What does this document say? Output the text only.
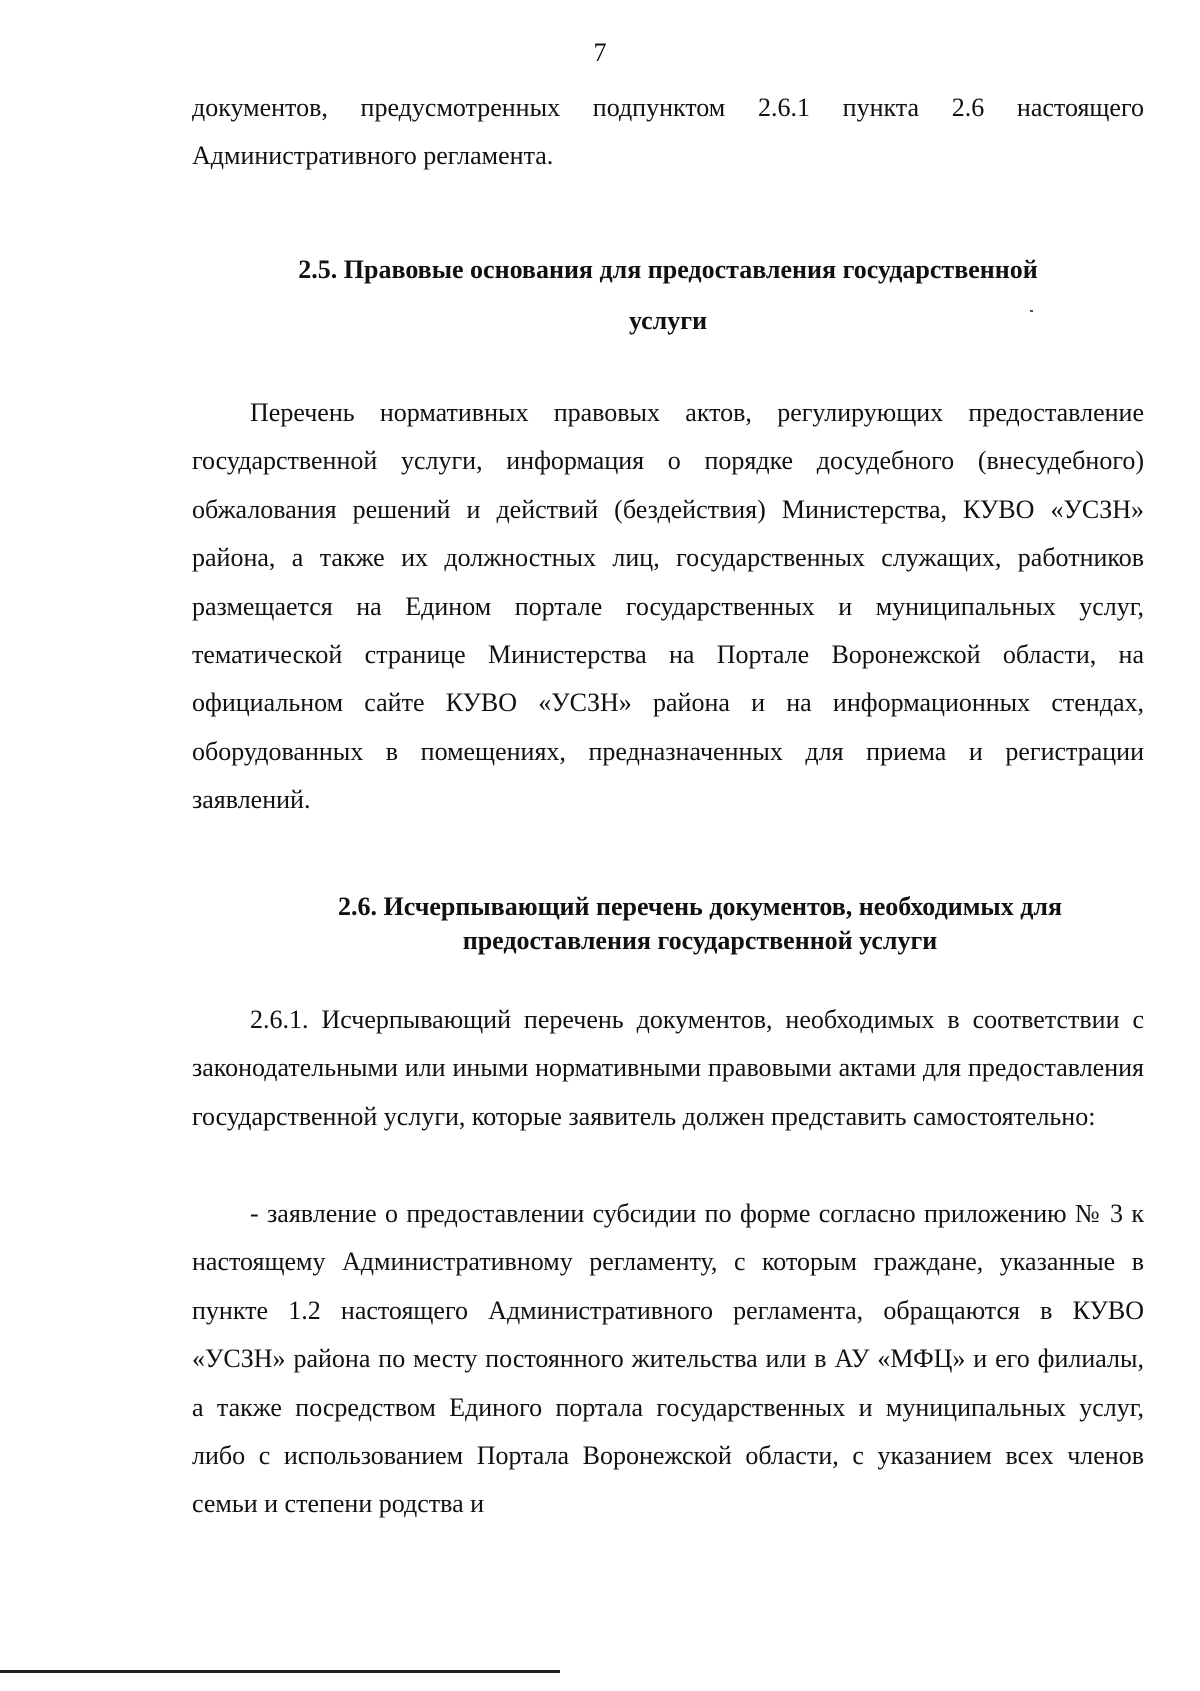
7

документов, предусмотренных подпунктом 2.6.1 пункта 2.6 настоящего Административного регламента.

2.5. Правовые основания для предоставления государственной
услуги

Перечень нормативных правовых актов, регулирующих предоставление государственной услуги, информация о порядке досудебного (внесудебного) обжалования решений и действий (бездействия) Министерства, КУВО «УСЗН» района, а также их должностных лиц, государственных служащих, работников размещается на Едином портале государственных и муниципальных услуг, тематической странице Министерства на Портале Воронежской области, на официальном сайте КУВО «УСЗН» района и на информационных стендах, оборудованных в помещениях, предназначенных для приема и регистрации заявлений.

2.6. Исчерпывающий перечень документов, необходимых для
предоставления государственной услуги

2.6.1. Исчерпывающий перечень документов, необходимых в соответствии с законодательными или иными нормативными правовыми актами для предоставления государственной услуги, которые заявитель должен представить самостоятельно:

- заявление о предоставлении субсидии по форме согласно приложению № 3 к настоящему Административному регламенту, с которым граждане, указанные в пункте 1.2 настоящего Административного регламента, обращаются в КУВО «УСЗН» района по месту постоянного жительства или в АУ «МФЦ» и его филиалы, а также посредством Единого портала государственных и муниципальных услуг, либо с использованием Портала Воронежской области, с указанием всех членов семьи и степени родства и
